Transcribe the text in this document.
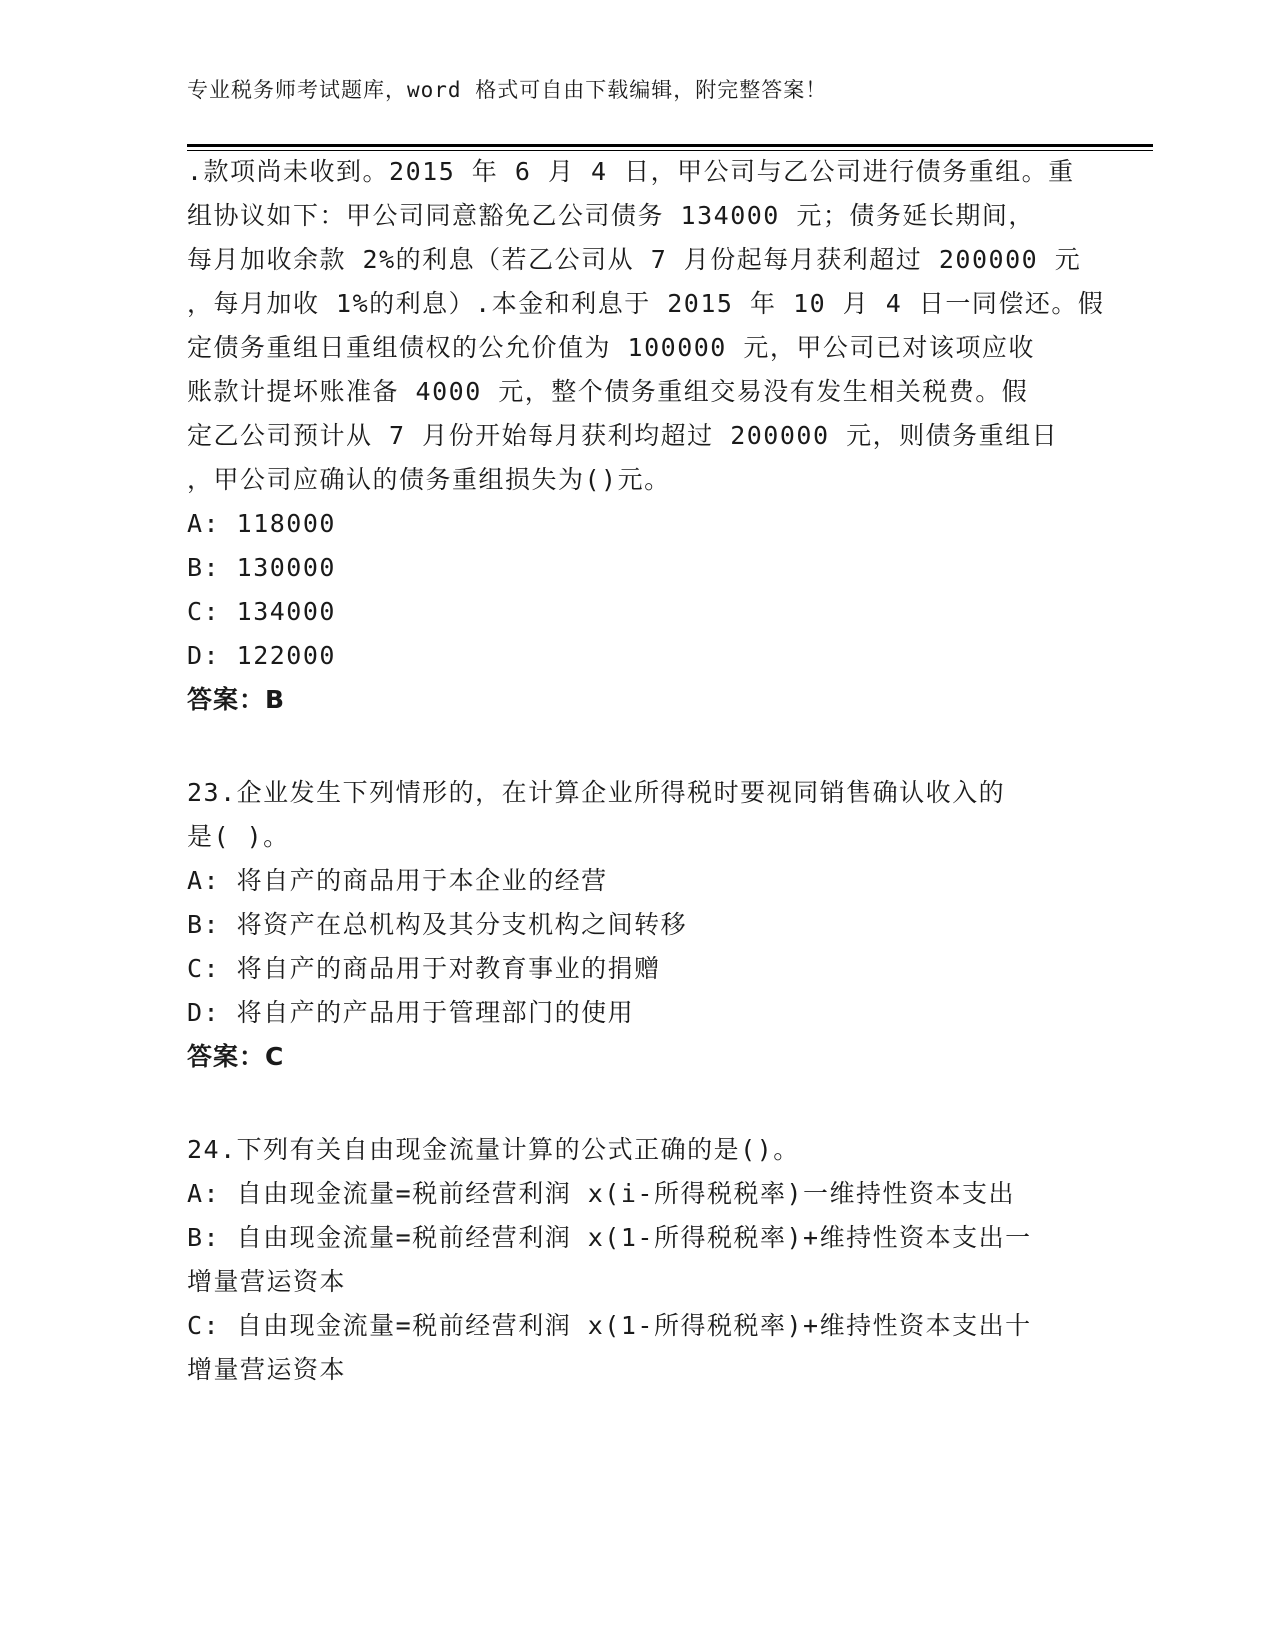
专业税务师考试题库，word 格式可自由下载编辑，附完整答案！
.款项尚未收到。2015 年 6 月 4 日，甲公司与乙公司进行债务重组。重
组协议如下：甲公司同意豁免乙公司债务 134000 元；债务延长期间，
每月加收余款 2%的利息（若乙公司从 7 月份起每月获利超过 200000 元
，每月加收 1%的利息）.本金和利息于 2015 年 10 月 4 日一同偿还。假
定债务重组日重组债权的公允价值为 100000 元，甲公司已对该项应收
账款计提坏账准备 4000 元，整个债务重组交易没有发生相关税费。假
定乙公司预计从 7 月份开始每月获利均超过 200000 元，则债务重组日
，甲公司应确认的债务重组损失为()元。
A: 118000
B: 130000
C: 134000
D: 122000
答案：B
23.企业发生下列情形的，在计算企业所得税时要视同销售确认收入的
是( )。
A: 将自产的商品用于本企业的经营
B: 将资产在总机构及其分支机构之间转移
C: 将自产的商品用于对教育事业的捐赠
D: 将自产的产品用于管理部门的使用
答案：C
24.下列有关自由现金流量计算的公式正确的是()。
A: 自由现金流量=税前经营利润 x(i-所得税税率)一维持性资本支出
B: 自由现金流量=税前经营利润 x(1-所得税税率)+维持性资本支出一
增量营运资本
C: 自由现金流量=税前经营利润 x(1-所得税税率)+维持性资本支出十
增量营运资本
